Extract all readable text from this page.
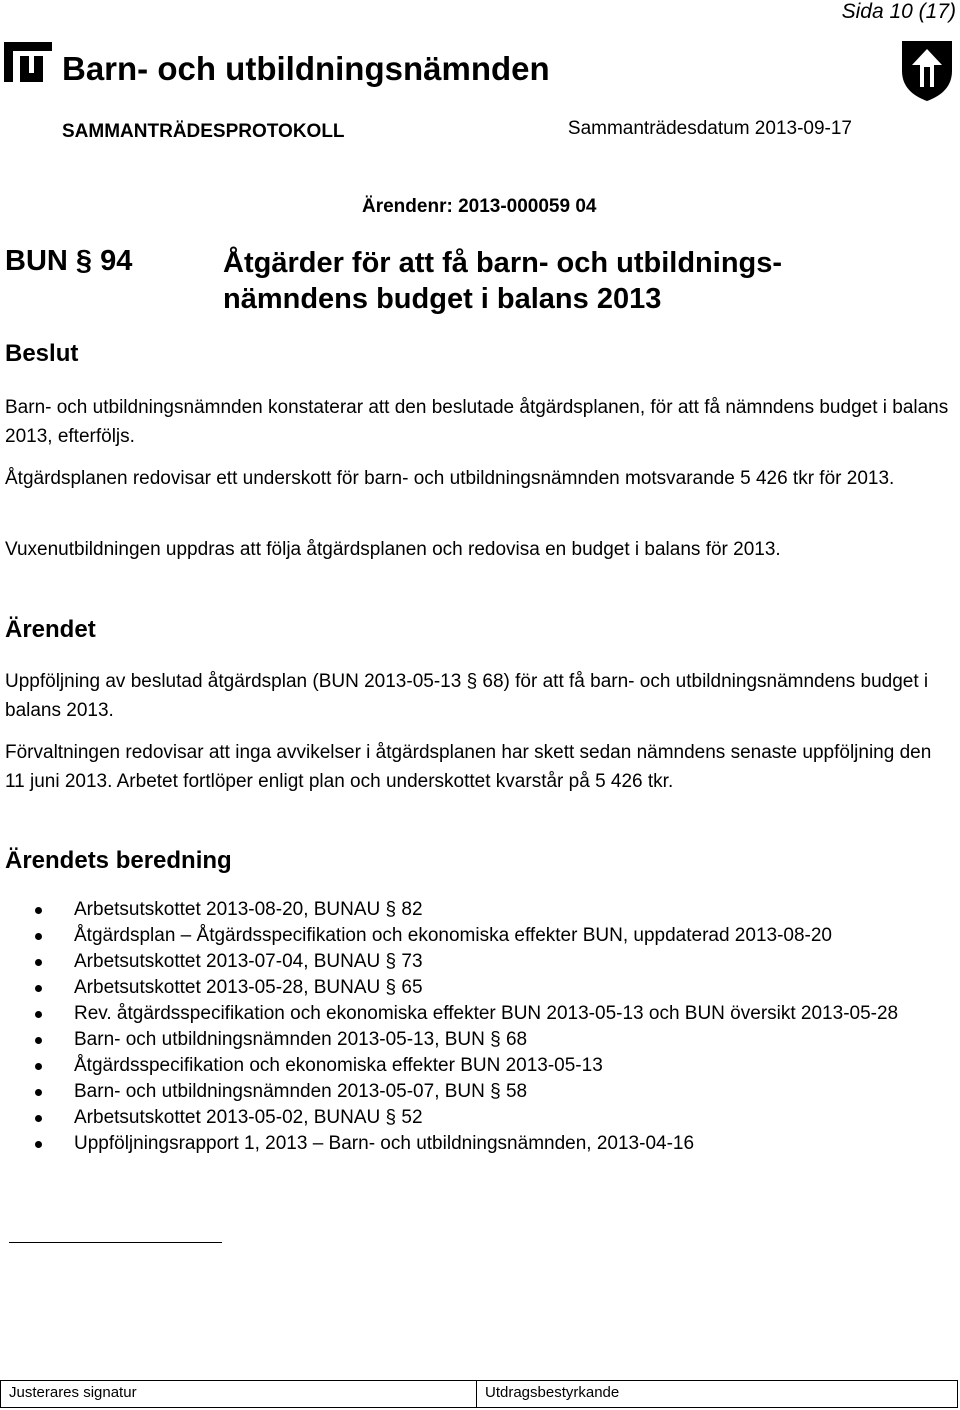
Sida 10 (17)
Barn- och utbildningsnämnden
SAMMANTRÄDESPROTOKOLL	Sammanträdesdatum 2013-09-17
Ärendenr: 2013-000059 04
BUN § 94	Åtgärder för att få barn- och utbildnings-
nämndens budget i balans 2013
Beslut
Barn- och utbildningsnämnden konstaterar att den beslutade åtgärdsplanen, för att få nämndens budget i balans 2013, efterföljs.
Åtgärdsplanen redovisar ett underskott för barn- och utbildningsnämnden motsvarande 5 426 tkr för 2013.
Vuxenutbildningen uppdras att följa åtgärdsplanen och redovisa en budget i balans för 2013.
Ärendet
Uppföljning av beslutad åtgärdsplan (BUN 2013-05-13 § 68) för att få barn- och utbildningsnämndens budget i balans 2013.
Förvaltningen redovisar att inga avvikelser i åtgärdsplanen har skett sedan nämndens senaste uppföljning den 11 juni 2013. Arbetet fortlöper enligt plan och underskottet kvarstår på 5 426 tkr.
Ärendets beredning
Arbetsutskottet 2013-08-20, BUNAU § 82
Åtgärdsplan – Åtgärdsspecifikation och ekonomiska effekter BUN, uppdaterad 2013-08-20
Arbetsutskottet 2013-07-04, BUNAU § 73
Arbetsutskottet 2013-05-28, BUNAU § 65
Rev. åtgärdsspecifikation och ekonomiska effekter BUN 2013-05-13 och BUN översikt 2013-05-28
Barn- och utbildningsnämnden 2013-05-13, BUN § 68
Åtgärdsspecifikation och ekonomiska effekter BUN 2013-05-13
Barn- och utbildningsnämnden 2013-05-07, BUN § 58
Arbetsutskottet 2013-05-02, BUNAU § 52
Uppföljningsrapport 1, 2013 – Barn- och utbildningsnämnden, 2013-04-16
Justerares signatur	Utdragsbestyrkande
